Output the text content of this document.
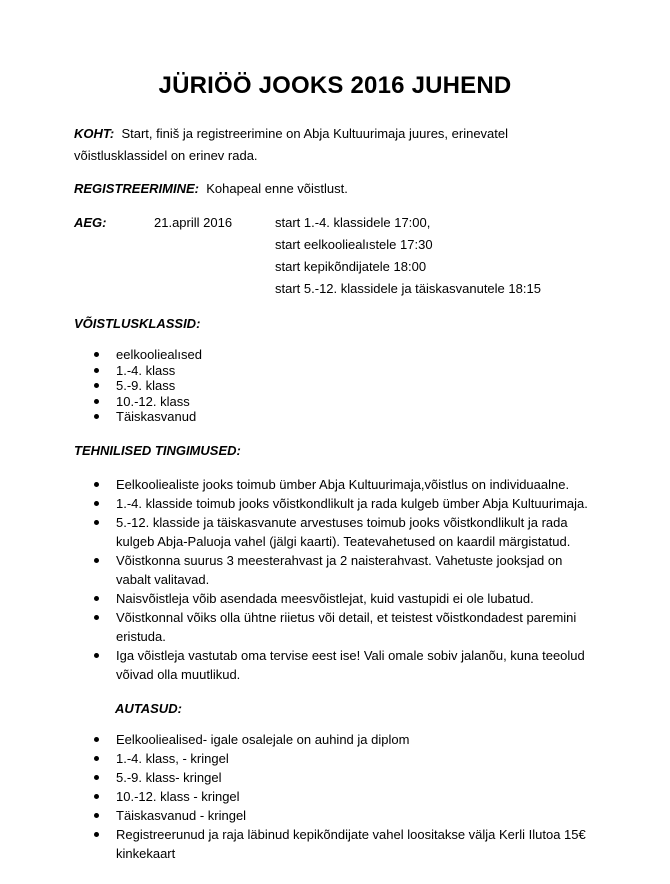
JÜRIÖÖ JOOKS 2016 JUHEND
KOHT: Start, finiš ja registreerimine on Abja Kultuurimaja juures, erinevatel võistlusklassidel on erinev rada.
REGISTREERIMINE: Kohapeal enne võistlust.
AEG:	21.aprill 2016	start 1.-4. klassidele 17:00,
start eelkooliealıstele 17:30
start kepikõndijatele 18:00
start 5.-12. klassidele ja täiskasvanutele 18:15
VÕISTLUSKLASSID:
eelkooliealısed
1.-4. klass
5.-9. klass
10.-12. klass
Täiskasvanud
TEHNILISED TINGIMUSED:
Eelkooliealiste jooks toimub ümber Abja Kultuurimaja,võistlus on individuaalne.
1.-4. klasside toimub jooks võistkondlikult ja rada kulgeb ümber Abja Kultuurimaja.
5.-12. klasside ja täiskasvanute arvestuses toimub jooks võistkondlikult ja rada kulgeb Abja-Paluoja vahel (jälgi kaarti). Teatevahetused on kaardil märgistatud.
Võistkonna suurus 3 meesterahvast ja 2 naisterahvast. Vahetuste jooksjad on vabalt valitavad.
Naisvõistleja võib asendada meesvõistlejat, kuid vastupidi ei ole lubatud.
Võistkonnal võiks olla ühtne riietus või detail, et teistest võistkondadest paremini eristuda.
Iga võistleja vastutab oma tervise eest ise! Vali omale sobiv jalanõu, kuna teeolud võivad olla muutlikud.
AUTASUD:
Eelkooliealised- igale osalejale on auhind ja diplom
1.-4. klass, - kringel
5.-9. klass- kringel
10.-12. klass - kringel
Täiskasvanud - kringel
Registreerunud ja raja läbinud kepikõndijate vahel loositakse välja Kerli Ilutoa 15€ kinkekaart
